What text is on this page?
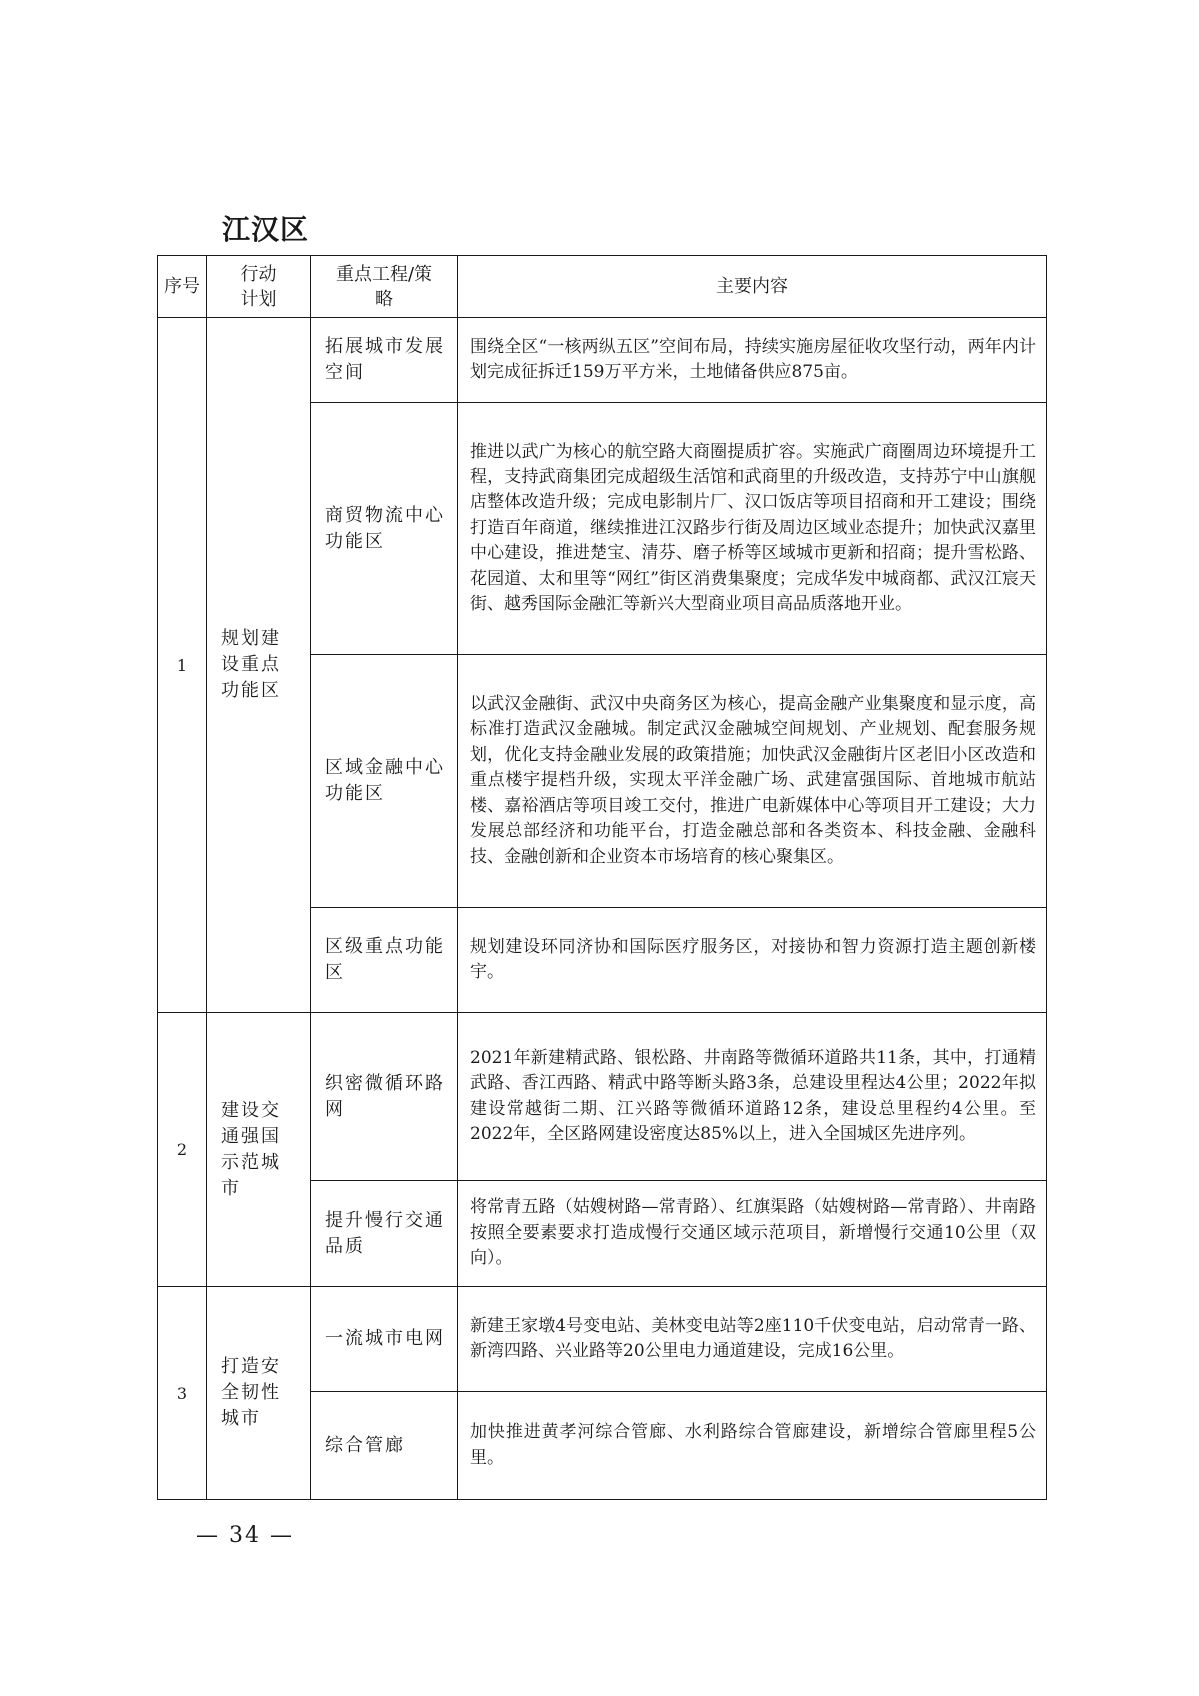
江汉区
序号	行动计划	重点工程/策略	主要内容
1	规划建设重点功能区	拓展城市发展空间	围绕全区“一核两纵五区”空间布局，持续实施房屋征收攻坚行动，两年内计划完成征拆迁159万平方米，土地储备供应875亩。

		商贸物流中心功能区	推进以武广为核心的航空路大商圈提质扩容。实施武广商圈周边环境提升工程，支持武商集团完成超级生活馆和武商里的升级改造，支持苏宁中山旗舰店整体改造升级；完成电影制片厂、汉口饭店等项目招商和开工建设；围绕打造百年商道，继续推进江汉路步行街及周边区域业态提升；加快武汉嘉里中心建设，推进楚宝、清芬、磨子桥等区域城市更新和招商；提升雪松路、花园道、太和里等“网红”街区消费集聚度；完成华发中城商都、武汉江宸天街、越秀国际金融汇等新兴大型商业项目高品质落地开业。

		区域金融中心功能区	以武汉金融街、武汉中央商务区为核心，提高金融产业集聚度和显示度，高标准打造武汉金融城。制定武汉金融城空间规划、产业规划、配套服务规划，优化支持金融业发展的政策措施；加快武汉金融街片区老旧小区改造和重点楼宇提档升级，实现太平洋金融广场、武建富强国际、首地城市航站楼、嘉裕酒店等项目竣工交付，推进广电新媒体中心等项目开工建设；大力发展总部经济和功能平台，打造金融总部和各类资本、科技金融、金融科技、金融创新和企业资本市场培育的核心聚集区。

		区级重点功能区	规划建设环同济协和国际医疗服务区，对接协和智力资源打造主题创新楼宇。

2	建设交通强国示范城市	织密微循环路网	2021年新建精武路、银松路、井南路等微循环道路共11条，其中，打通精武路、香江西路、精武中路等断头路3条，总建设里程达4公里；2022年拟建设常越街二期、江兴路等微循环道路12条，建设总里程约4公里。至2022年，全区路网建设密度达85%以上，进入全国城区先进序列。

		提升慢行交通品质	将常青五路（姑嫂树路—常青路）、红旗渠路（姑嫂树路—常青路）、井南路按照全要素要求打造成慢行交通区域示范项目，新增慢行交通10公里（双向）。

3	打造安全韧性城市	一流城市电网	新建王家墩4号变电站、美林变电站等2座110千伏变电站，启动常青一路、新湾四路、兴业路等20公里电力通道建设，完成16公里。

		综合管廊	加快推进黄孝河综合管廊、水利路综合管廊建设，新增综合管廊里程5公里。
— 34 —
